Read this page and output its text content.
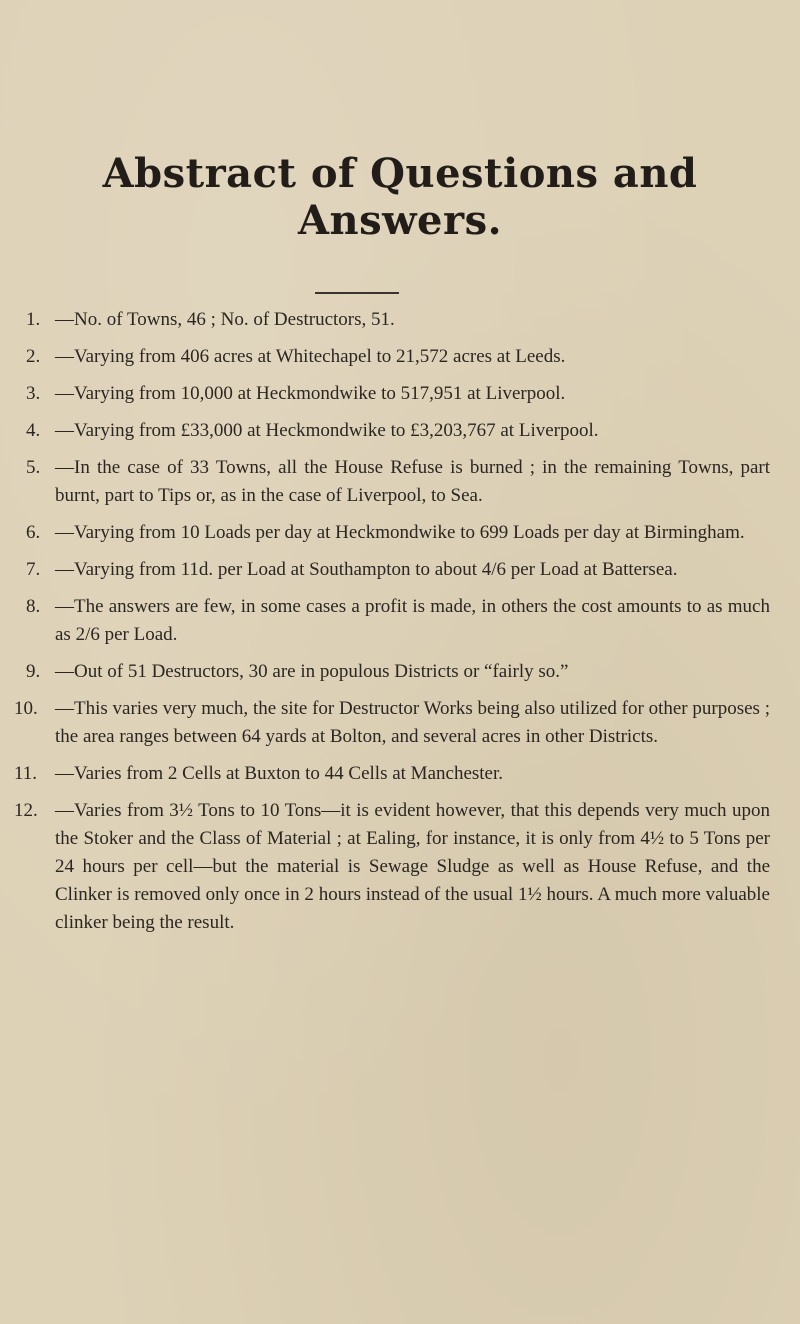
Abstract of Questions and Answers.
1. —No. of Towns, 46 ; No. of Destructors, 51.
2. —Varying from 406 acres at Whitechapel to 21,572 acres at Leeds.
3. —Varying from 10,000 at Heckmondwike to 517,951 at Liverpool.
4. —Varying from £33,000 at Heckmondwike to £3,203,767 at Liverpool.
5. —In the case of 33 Towns, all the House Refuse is burned ; in the remaining Towns, part burnt, part to Tips or, as in the case of Liverpool, to Sea.
6. —Varying from 10 Loads per day at Heckmondwike to 699 Loads per day at Birmingham.
7. —Varying from 11d. per Load at Southampton to about 4/6 per Load at Battersea.
8. —The answers are few, in some cases a profit is made, in others the cost amounts to as much as 2/6 per Load.
9. —Out of 51 Destructors, 30 are in populous Districts or “fairly so.”
10. —This varies very much, the site for Destructor Works being also utilized for other purposes ; the area ranges between 64 yards at Bolton, and several acres in other Districts.
11. —Varies from 2 Cells at Buxton to 44 Cells at Manchester.
12. —Varies from 3½ Tons to 10 Tons—it is evident however, that this depends very much upon the Stoker and the Class of Material ; at Ealing, for instance, it is only from 4½ to 5 Tons per 24 hours per cell—but the material is Sewage Sludge as well as House Refuse, and the Clinker is removed only once in 2 hours instead of the usual 1½ hours. A much more valuable clinker being the result.
